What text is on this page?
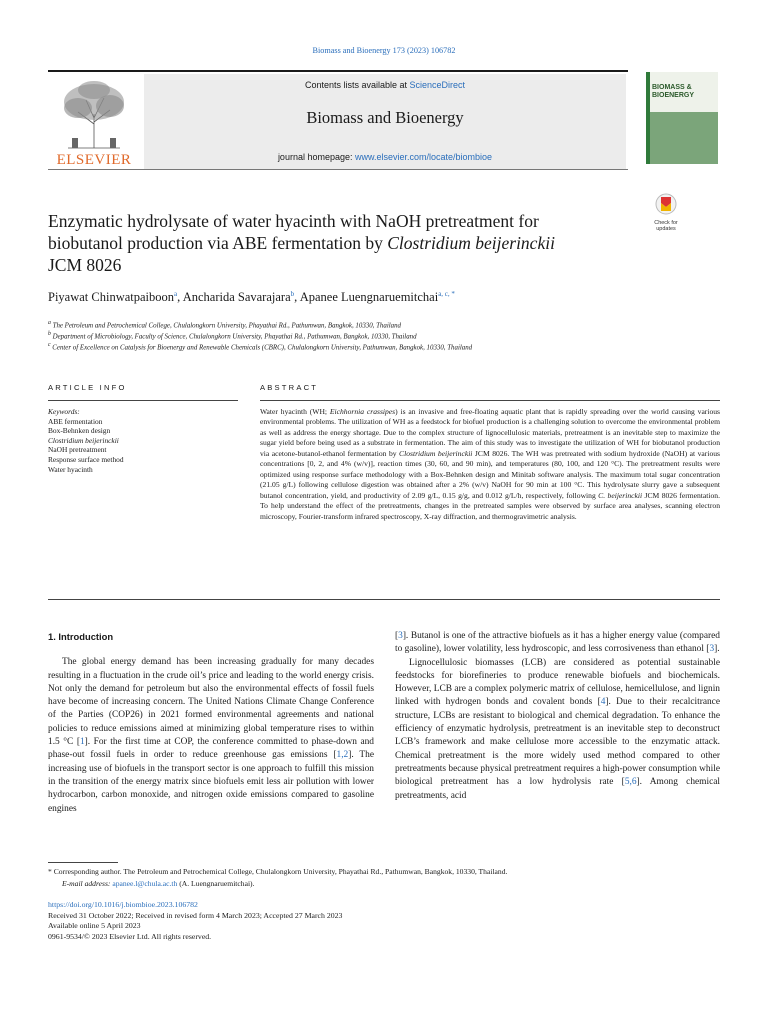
Biomass and Bioenergy 173 (2023) 106782
ELSEVIER
Contents lists available at ScienceDirect
Biomass and Bioenergy
journal homepage: www.elsevier.com/locate/biombioe
BIOMASS &
BIOENERGY
Check for
updates
Enzymatic hydrolysate of water hyacinth with NaOH pretreatment for
biobutanol production via ABE fermentation by Clostridium beijerinckii
JCM 8026
Piyawat Chinwatpaiboon$^a$, Ancharida Savarajara$^b$, Apanee Luengnaruemitchai$^{a, c, *}$
$^a$ The Petroleum and Petrochemical College, Chulalongkorn University, Phayathai Rd., Pathumwan, Bangkok, 10330, Thailand
$^b$ Department of Microbiology, Faculty of Science, Chulalongkorn University, Phayathai Rd., Pathumwan, Bangkok, 10330, Thailand
$^c$ Center of Excellence on Catalysis for Bioenergy and Renewable Chemicals (CBRC), Chulalongkorn University, Pathumwan, Bangkok, 10330, Thailand
ARTICLE INFO	ABSTRACT
Keywords:
ABE fermentation
Box-Behnken design
Clostridium beijerinckii
NaOH pretreatment
Response surface method
Water hyacinth
Water hyacinth (WH; Eichhornia crassipes) is an invasive and free-floating aquatic plant that is rapidly spreading over the world causing various environmental problems. The utilization of WH as a feedstock for biofuel production is a challenging solution to overcome the environmental problem as well as address the energy shortage. Due to the complex structure of lignocellulosic materials, pretreatment is an inevitable step to maximize the sugar yield before being used as a substrate in fermentation. The aim of this study was to investigate the utilization of WH for biobutanol production via acetone-butanol-ethanol fermentation by Clostridium beijerinckii JCM 8026. The WH was pretreated with sodium hydroxide (NaOH) at various concentrations [0, 2, and 4% (w/v)], reaction times (30, 60, and 90 min), and temperatures (80, 100, and 120 °C). The pretreatment results were optimized using response surface methodology with a Box-Behnken design and Minitab software analysis. The maximum total sugar concentration (21.05 g/L) following cellulose digestion was obtained after a 2% (w/v) NaOH for 90 min at 100 °C. This hydrolysate slurry gave a subsequent butanol concentration, yield, and productivity of 2.09 g/L, 0.15 g/g, and 0.012 g/L/h, respectively, following C. beijerinckii JCM 8026 fermentation. To help understand the effect of the pretreatments, changes in the pretreated samples were observed by surface area analyses, scanning electron microscopy, Fourier-transform infrared spectroscopy, X-ray diffraction, and thermogravimetric analysis.

1. Introduction

The global energy demand has been increasing gradually for many decades resulting in a fluctuation in the crude oil’s price and leading to the world energy crisis. Not only the demand for petroleum but also the environmental effects of fossil fuels have become of increasing concern. The United Nations Climate Change Conference of the Parties (COP26) in 2021 formed environmental agreements and national policies to reduce emissions aimed at minimizing global temperature rises to within 1.5 °C [1]. For the first time at COP, the conference committed to phase-down and phase-out fossil fuels in order to reduce greenhouse gas emissions [1,2]. The increasing use of biofuels in the transport sector is one approach to fulfill this mission in the transition of the energy matrix since biofuels emit less air pollution with lower hydrocarbon, carbon monoxide, and nitrogen oxide emissions compared to gasoline engines

[3]. Butanol is one of the attractive biofuels as it has a higher energy value (compared to gasoline), lower volatility, less hydroscopic, and less corrosiveness than ethanol [3].

Lignocellulosic biomasses (LCB) are considered as potential sustainable feedstocks for biorefineries to produce renewable biofuels and biochemicals. However, LCB are a complex polymeric matrix of cellulose, hemicellulose, and lignin linked with hydrogen bonds and covalent bonds [4]. Due to their recalcitrance structure, LCBs are resistant to biological and chemical degradation. To enhance the efficiency of enzymatic hydrolysis, pretreatment is an inevitable step to deconstruct LCB’s framework and make cellulose more accessible to the enzymatic attack. Chemical pretreatment is the more widely used method compared to other pretreatments because physical pretreatment requires a high-power consumption while biological pretreatment has a low hydrolysis rate [5,6]. Among chemical pretreatments, acid

* Corresponding author. The Petroleum and Petrochemical College, Chulalongkorn University, Phayathai Rd., Pathumwan, Bangkok, 10330, Thailand.
E-mail address: apanee.l@chula.ac.th (A. Luengnaruemitchai).
https://doi.org/10.1016/j.biombioe.2023.106782
Received 31 October 2022; Received in revised form 4 March 2023; Accepted 27 March 2023
Available online 5 April 2023
0961-9534/© 2023 Elsevier Ltd. All rights reserved.
